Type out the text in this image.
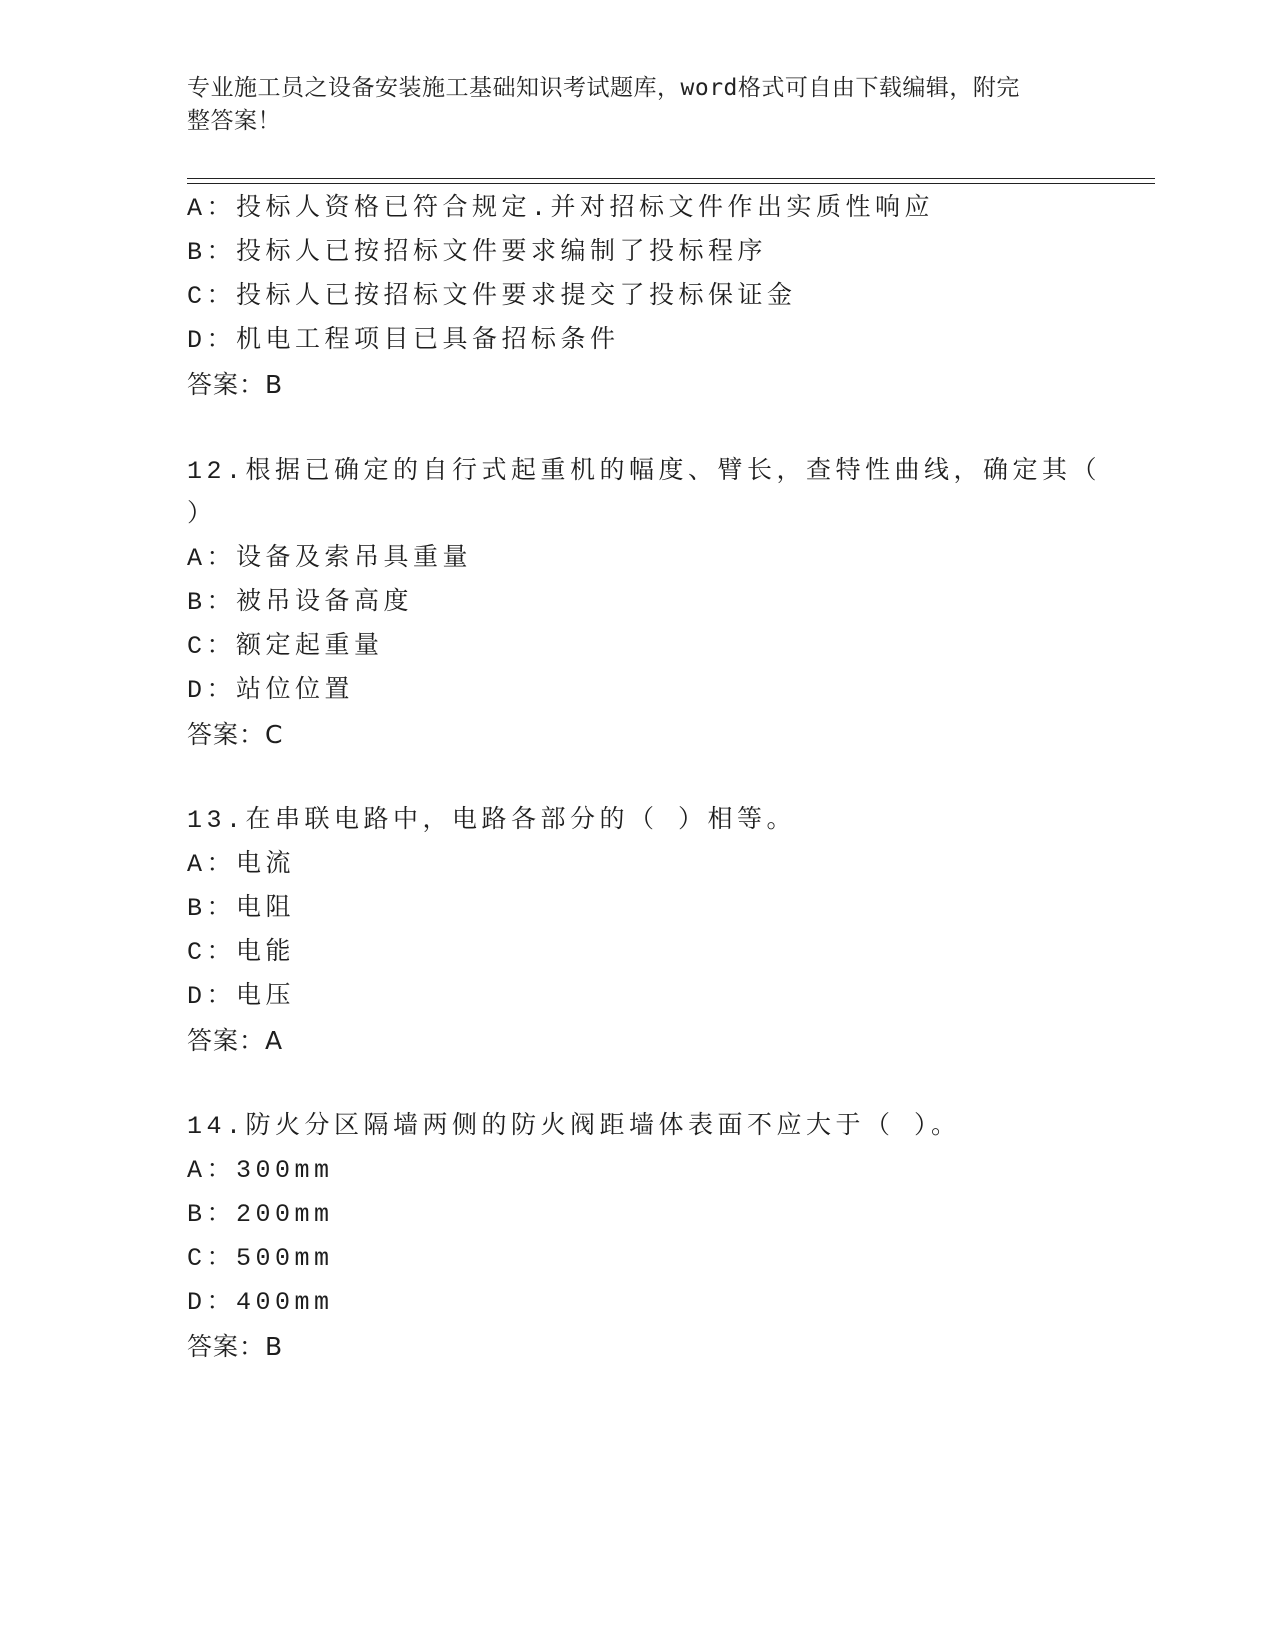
专业施工员之设备安装施工基础知识考试题库，word格式可自由下载编辑，附完
整答案！
A：投标人资格已符合规定.并对招标文件作出实质性响应
B：投标人已按招标文件要求编制了投标程序
C：投标人已按招标文件要求提交了投标保证金
D：机电工程项目已具备招标条件
答案：B
12.根据已确定的自行式起重机的幅度、臂长，查特性曲线，确定其（
）
A：设备及索吊具重量
B：被吊设备高度
C：额定起重量
D：站位位置
答案：C
13.在串联电路中，电路各部分的（ ）相等。
A：电流
B：电阻
C：电能
D：电压
答案：A
14.防火分区隔墙两侧的防火阀距墙体表面不应大于（ ）。
A：300mm
B：200mm
C：500mm
D：400mm
答案：B
